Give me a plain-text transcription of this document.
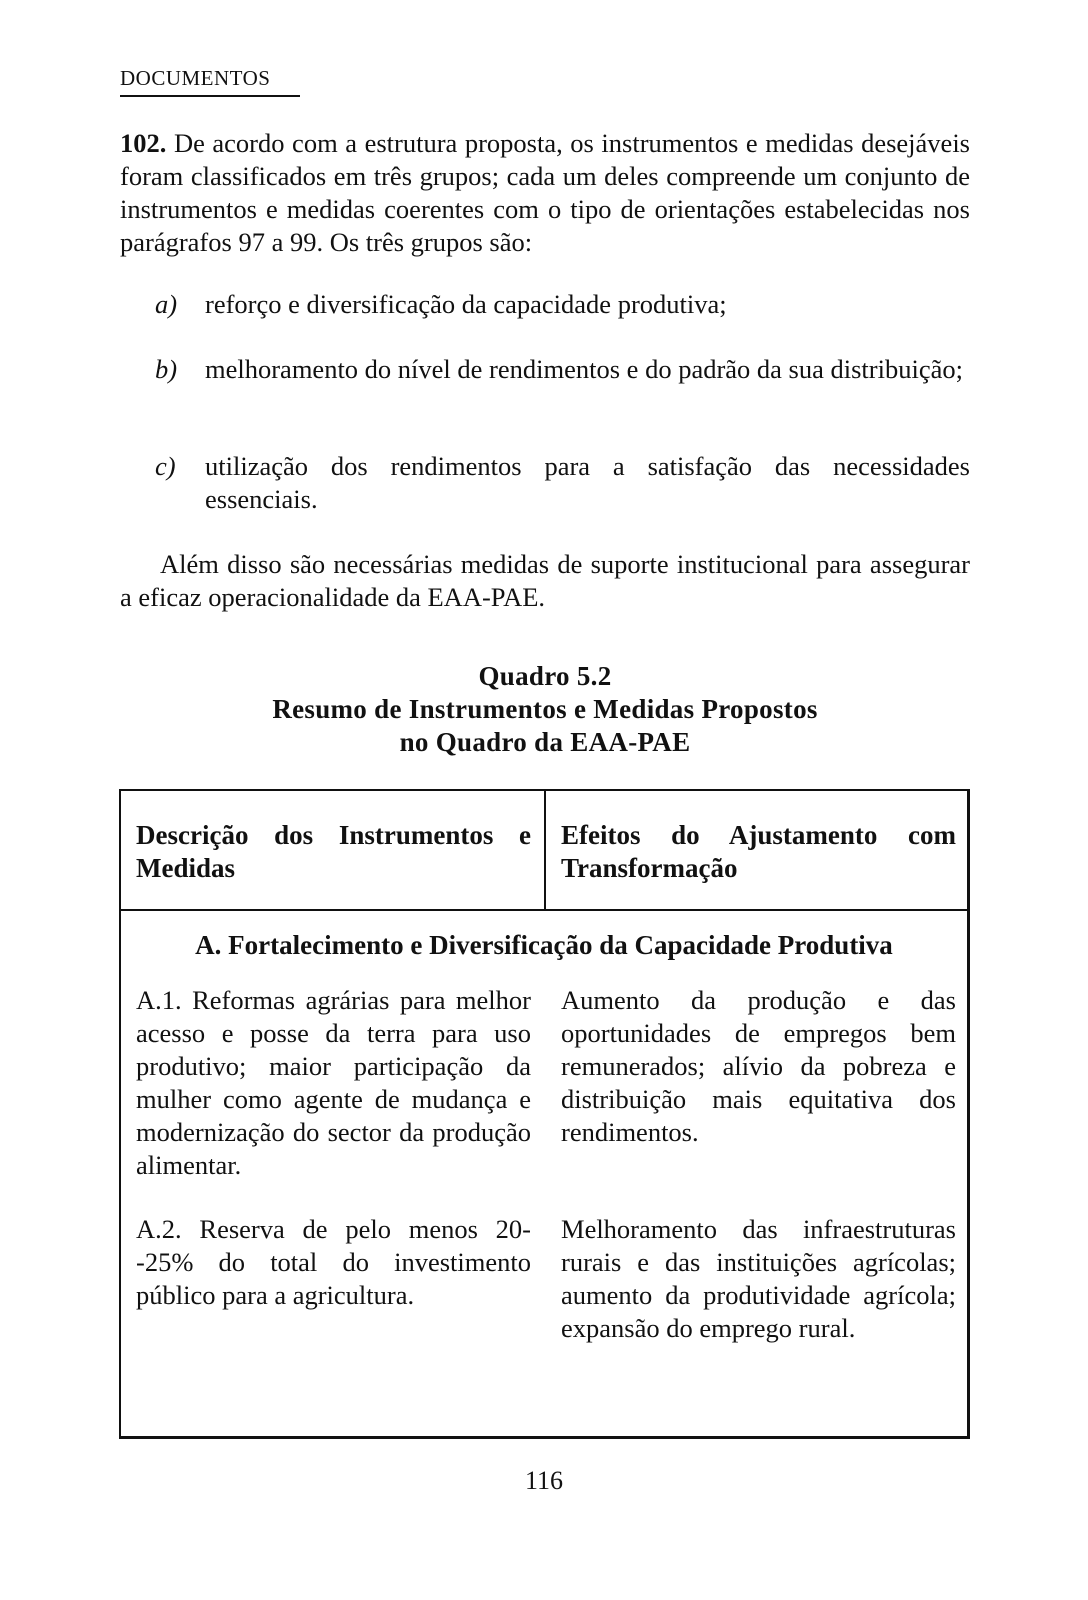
DOCUMENTOS
102. De acordo com a estrutura proposta, os instrumentos e medidas desejáveis foram classificados em três grupos; cada um deles compreende um conjunto de instrumentos e medidas coerentes com o tipo de orientações estabelecidas nos parágrafos 97 a 99. Os três grupos são:
a) reforço e diversificação da capacidade produtiva;
b) melhoramento do nível de rendimentos e do padrão da sua distribuição;
c) utilização dos rendimentos para a satisfação das necessidades essenciais.
Além disso são necessárias medidas de suporte institucional para assegurar a eficaz operacionalidade da EAA-PAE.
Quadro 5.2
Resumo de Instrumentos e Medidas Propostos
no Quadro da EAA-PAE
Descrição dos Instrumentos e Medidas
Efeitos do Ajustamento com Transformação
A. Fortalecimento e Diversificação da Capacidade Produtiva
A.1. Reformas agrárias para melhor acesso e posse da terra para uso produtivo; maior participação da mulher como agente de mudança e modernização do sector da produção alimentar.
Aumento da produção e das oportunidades de empregos bem remunerados; alívio da pobreza e distribuição mais equitativa dos rendimentos.
A.2. Reserva de pelo menos 20--25% do total do investimento público para a agricultura.
Melhoramento das infraestruturas rurais e das instituições agrícolas; aumento da produtividade agrícola; expansão do emprego rural.
116
